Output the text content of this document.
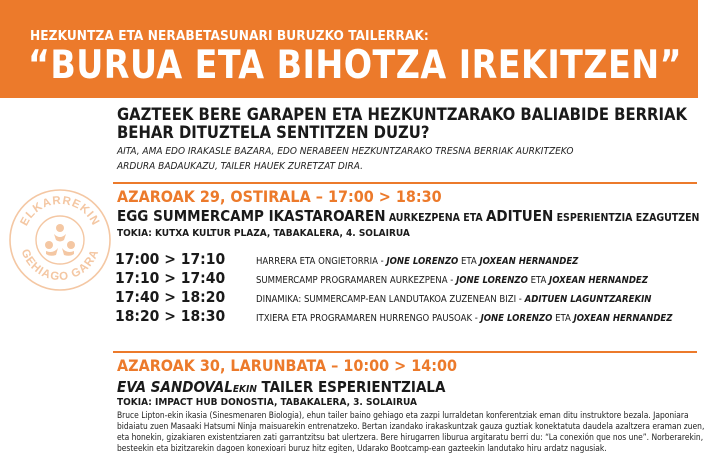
HEZKUNTZA ETA NERABETASUNARI BURUZKO TAILERRAK:
“BURUA ETA BIHOTZA IREKITZEN”
ELKARREKIN
GEHIAGO GARA
GAZTEEK BERE GARAPEN ETA HEZKUNTZARAKO BALIABIDE BERRIAK
BEHAR DITUZTELA SENTITZEN DUZU?
AITA, AMA EDO IRAKASLE BAZARA, EDO NERABEEN HEZKUNTZARAKO TRESNA BERRIAK AURKITZEKO
ARDURA BADAUKAZU, TAILER HAUEK ZURETZAT DIRA.
AZAROAK 29, OSTIRALA – 17:00 > 18:30
EGG SUMMERCAMP IKASTAROAREN AURKEZPENA ETA ADITUEN ESPERIENTZIA EZAGUTZEN
TOKIA: KUTXA KULTUR PLAZA, TABAKALERA, 4. SOLAIRUA
17:00 > 17:10	HARRERA ETA ONGIETORRIA - JONE LORENZO ETA JOXEAN HERNANDEZ
17:10 > 17:40	SUMMERCAMP PROGRAMAREN AURKEZPENA - JONE LORENZO ETA JOXEAN HERNANDEZ
17:40 > 18:20	DINAMIKA: SUMMERCAMP-EAN LANDUTAKOA ZUZENEAN BIZI - ADITUEN LAGUNTZAREKIN
18:20 > 18:30	ITXIERA ETA PROGRAMAREN HURRENGO PAUSOAK - JONE LORENZO ETA JOXEAN HERNANDEZ
AZAROAK 30, LARUNBATA – 10:00 > 14:00
EVA SANDOVALEKIN TAILER ESPERIENTZIALA
TOKIA: IMPACT HUB DONOSTIA, TABAKALERA, 3. SOLAIRUA
Bruce Lipton-ekin ikasia (Sinesmenaren Biologia), ehun tailer baino gehiago eta zazpi lurraldetan konferentziak eman ditu instruktore bezala. Japoniara bidaiatu zuen Masaaki Hatsumi Ninja maisuarekin entrenatzeko. Bertan izandako irakaskuntzak gauza guztiak konektatuta daudela azaltzera eraman zuen, eta honekin, gizakiaren existentziaren zati garrantzitsu bat ulertzera. Bere hirugarren liburua argitaratu berri du: “La conexión que nos une”. Norberarekin, besteekin eta bizitzarekin dagoen konexioari buruz hitz egiten, Udarako Bootcamp-ean gazteekin landutako hiru ardatz nagusiak.
